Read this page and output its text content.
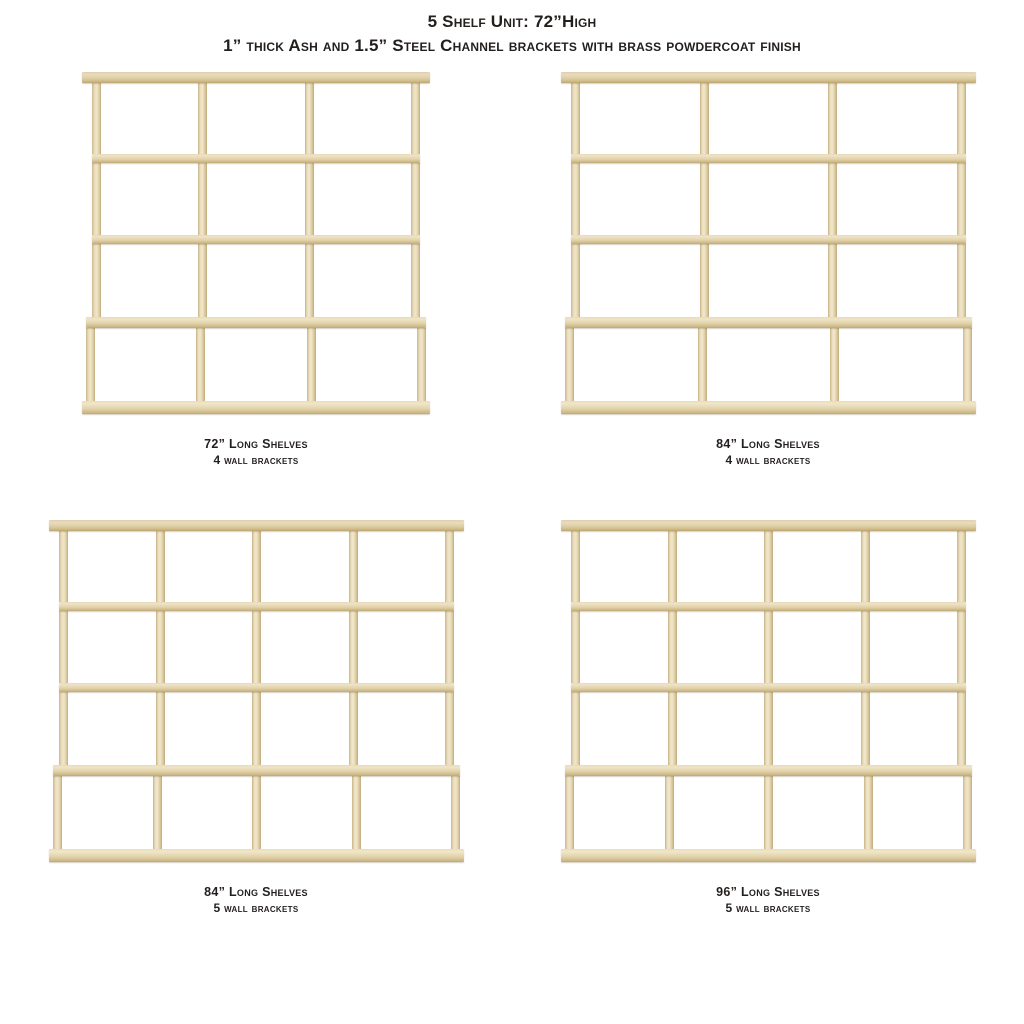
5 Shelf Unit: 72”High
1” thick Ash and 1.5” Steel Channel brackets with brass powdercoat finish
72” Long Shelves
4 wall brackets
84” Long Shelves
4 wall brackets
84” Long Shelves
5 wall brackets
96” Long Shelves
5 wall brackets
